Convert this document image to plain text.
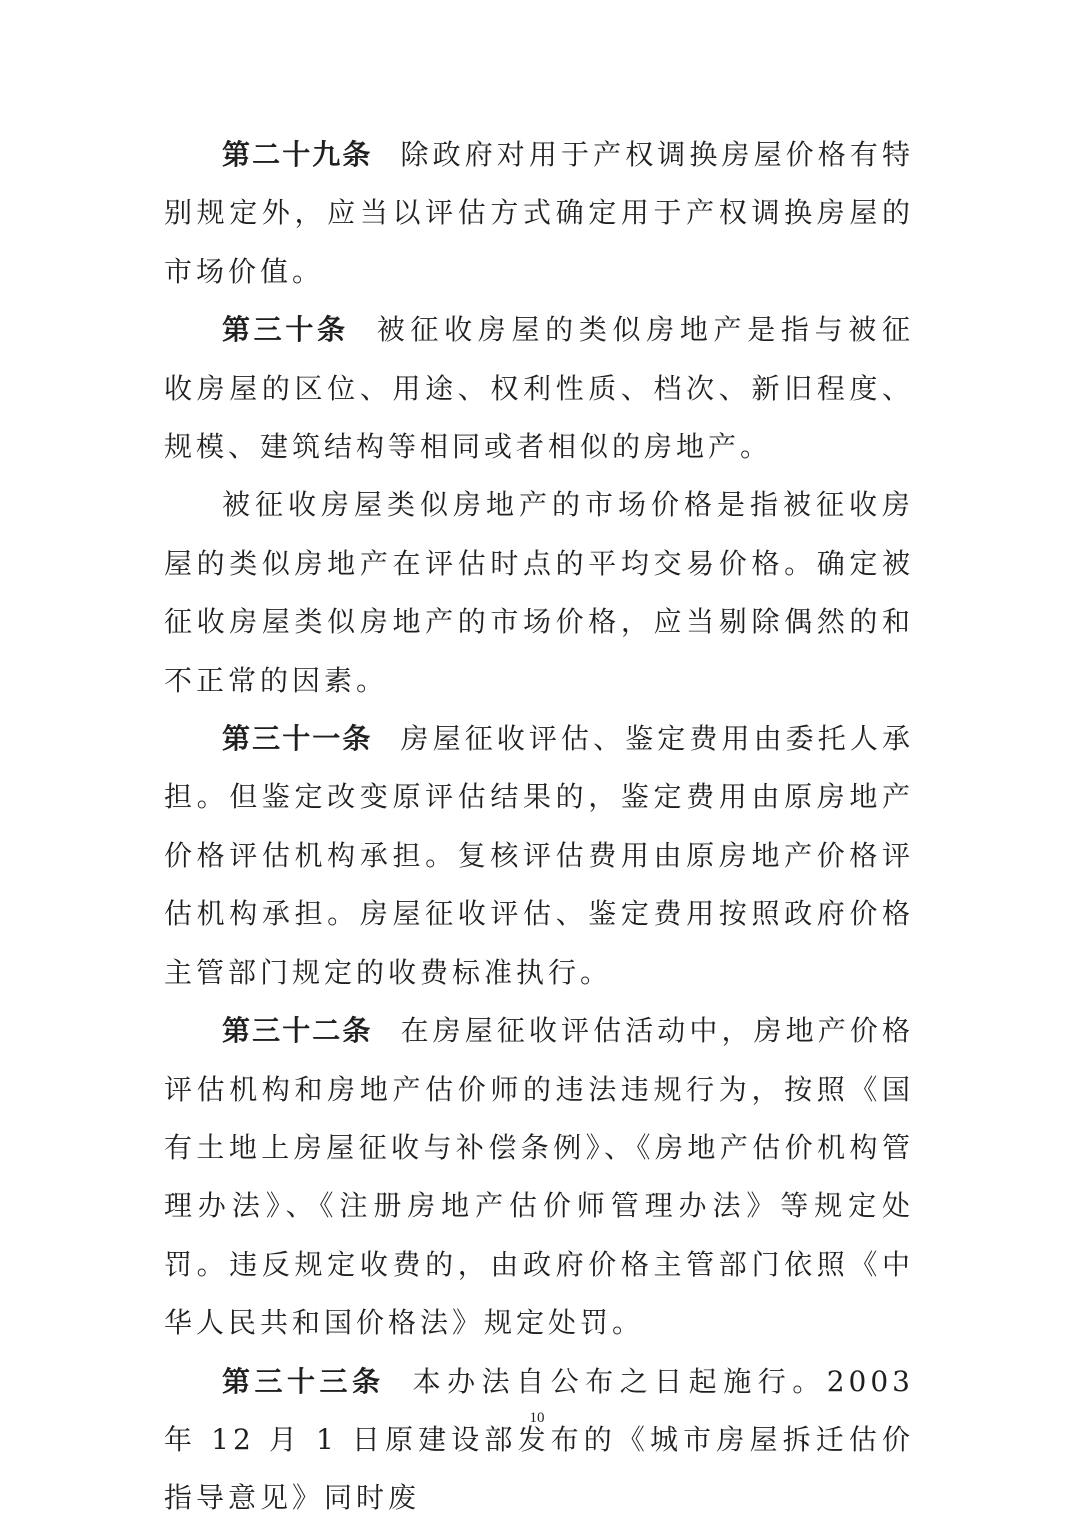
第二十九条 除政府对用于产权调换房屋价格有特别规定外，应当以评估方式确定用于产权调换房屋的市场价值。

第三十条 被征收房屋的类似房地产是指与被征收房屋的区位、用途、权利性质、档次、新旧程度、规模、建筑结构等相同或者相似的房地产。

被征收房屋类似房地产的市场价格是指被征收房屋的类似房地产在评估时点的平均交易价格。确定被征收房屋类似房地产的市场价格，应当剔除偶然的和不正常的因素。

第三十一条 房屋征收评估、鉴定费用由委托人承担。但鉴定改变原评估结果的，鉴定费用由原房地产价格评估机构承担。复核评估费用由原房地产价格评估机构承担。房屋征收评估、鉴定费用按照政府价格主管部门规定的收费标准执行。

第三十二条 在房屋征收评估活动中，房地产价格评估机构和房地产估价师的违法违规行为，按照《国有土地上房屋征收与补偿条例》、《房地产估价机构管理办法》、《注册房地产估价师管理办法》等规定处罚。违反规定收费的，由政府价格主管部门依照《中华人民共和国价格法》规定处罚。

第三十三条 本办法自公布之日起施行。2003 年 12 月 1 日原建设部发布的《城市房屋拆迁估价指导意见》同时废

10
